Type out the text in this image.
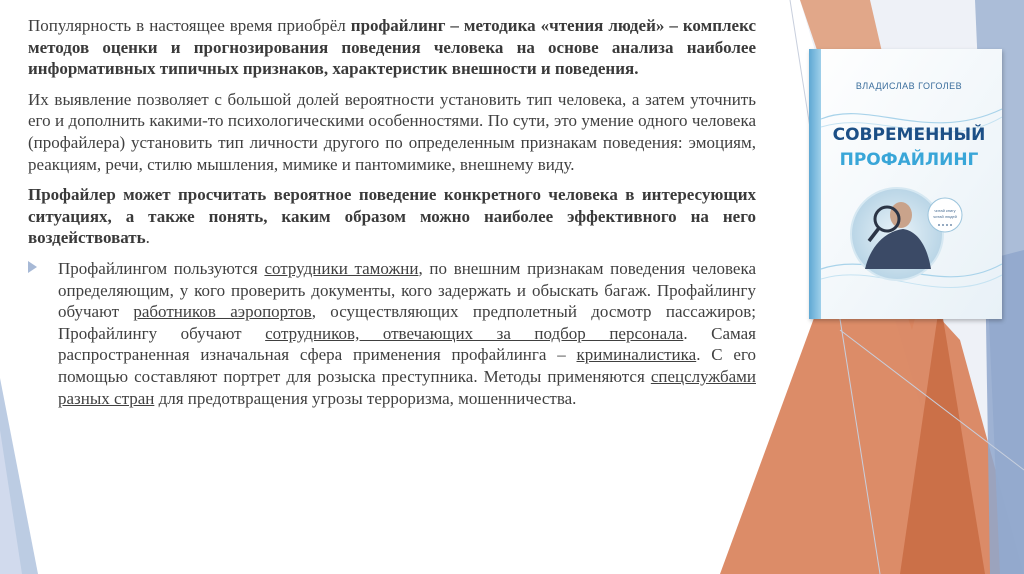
Популярность в настоящее время приобрёл профайлинг – методика «чтения людей» – комплекс методов оценки и прогнозирования поведения человека на основе анализа наиболее информативных типичных признаков, характеристик внешности и поведения.

Их выявление позволяет с большой долей вероятности установить тип человека, а затем уточнить его и дополнить какими-то психологическими особенностями. По сути, это умение одного человека (профайлера) установить тип личности другого по определенным признакам поведения: эмоциям, реакциям, речи, стилю мышления, мимике и пантомимике, внешнему виду.

Профайлер может просчитать вероятное поведение конкретного человека в интересующих ситуациях, а также понять, каким образом можно наиболее эффективного на него воздействовать.

Профайлингом пользуются сотрудники таможни, по внешним признакам поведения человека определяющим, у кого проверить документы, кого задержать и обыскать багаж. Профайлингу обучают работников аэропортов, осуществляющих предполетный досмотр пассажиров; Профайлингу обучают сотрудников, отвечающих за подбор персонала. Самая распространенная изначальная сфера применения профайлинга – криминалистика. С его помощью составляют портрет для розыска преступника. Методы применяются спецслужбами разных стран для предотвращения угрозы терроризма, мошенничества.

ВЛАДИСЛАВ ГОГОЛЕВ
СОВРЕМЕННЫЙ
ПРОФАЙЛИНГ
читай книгу
читай людей
